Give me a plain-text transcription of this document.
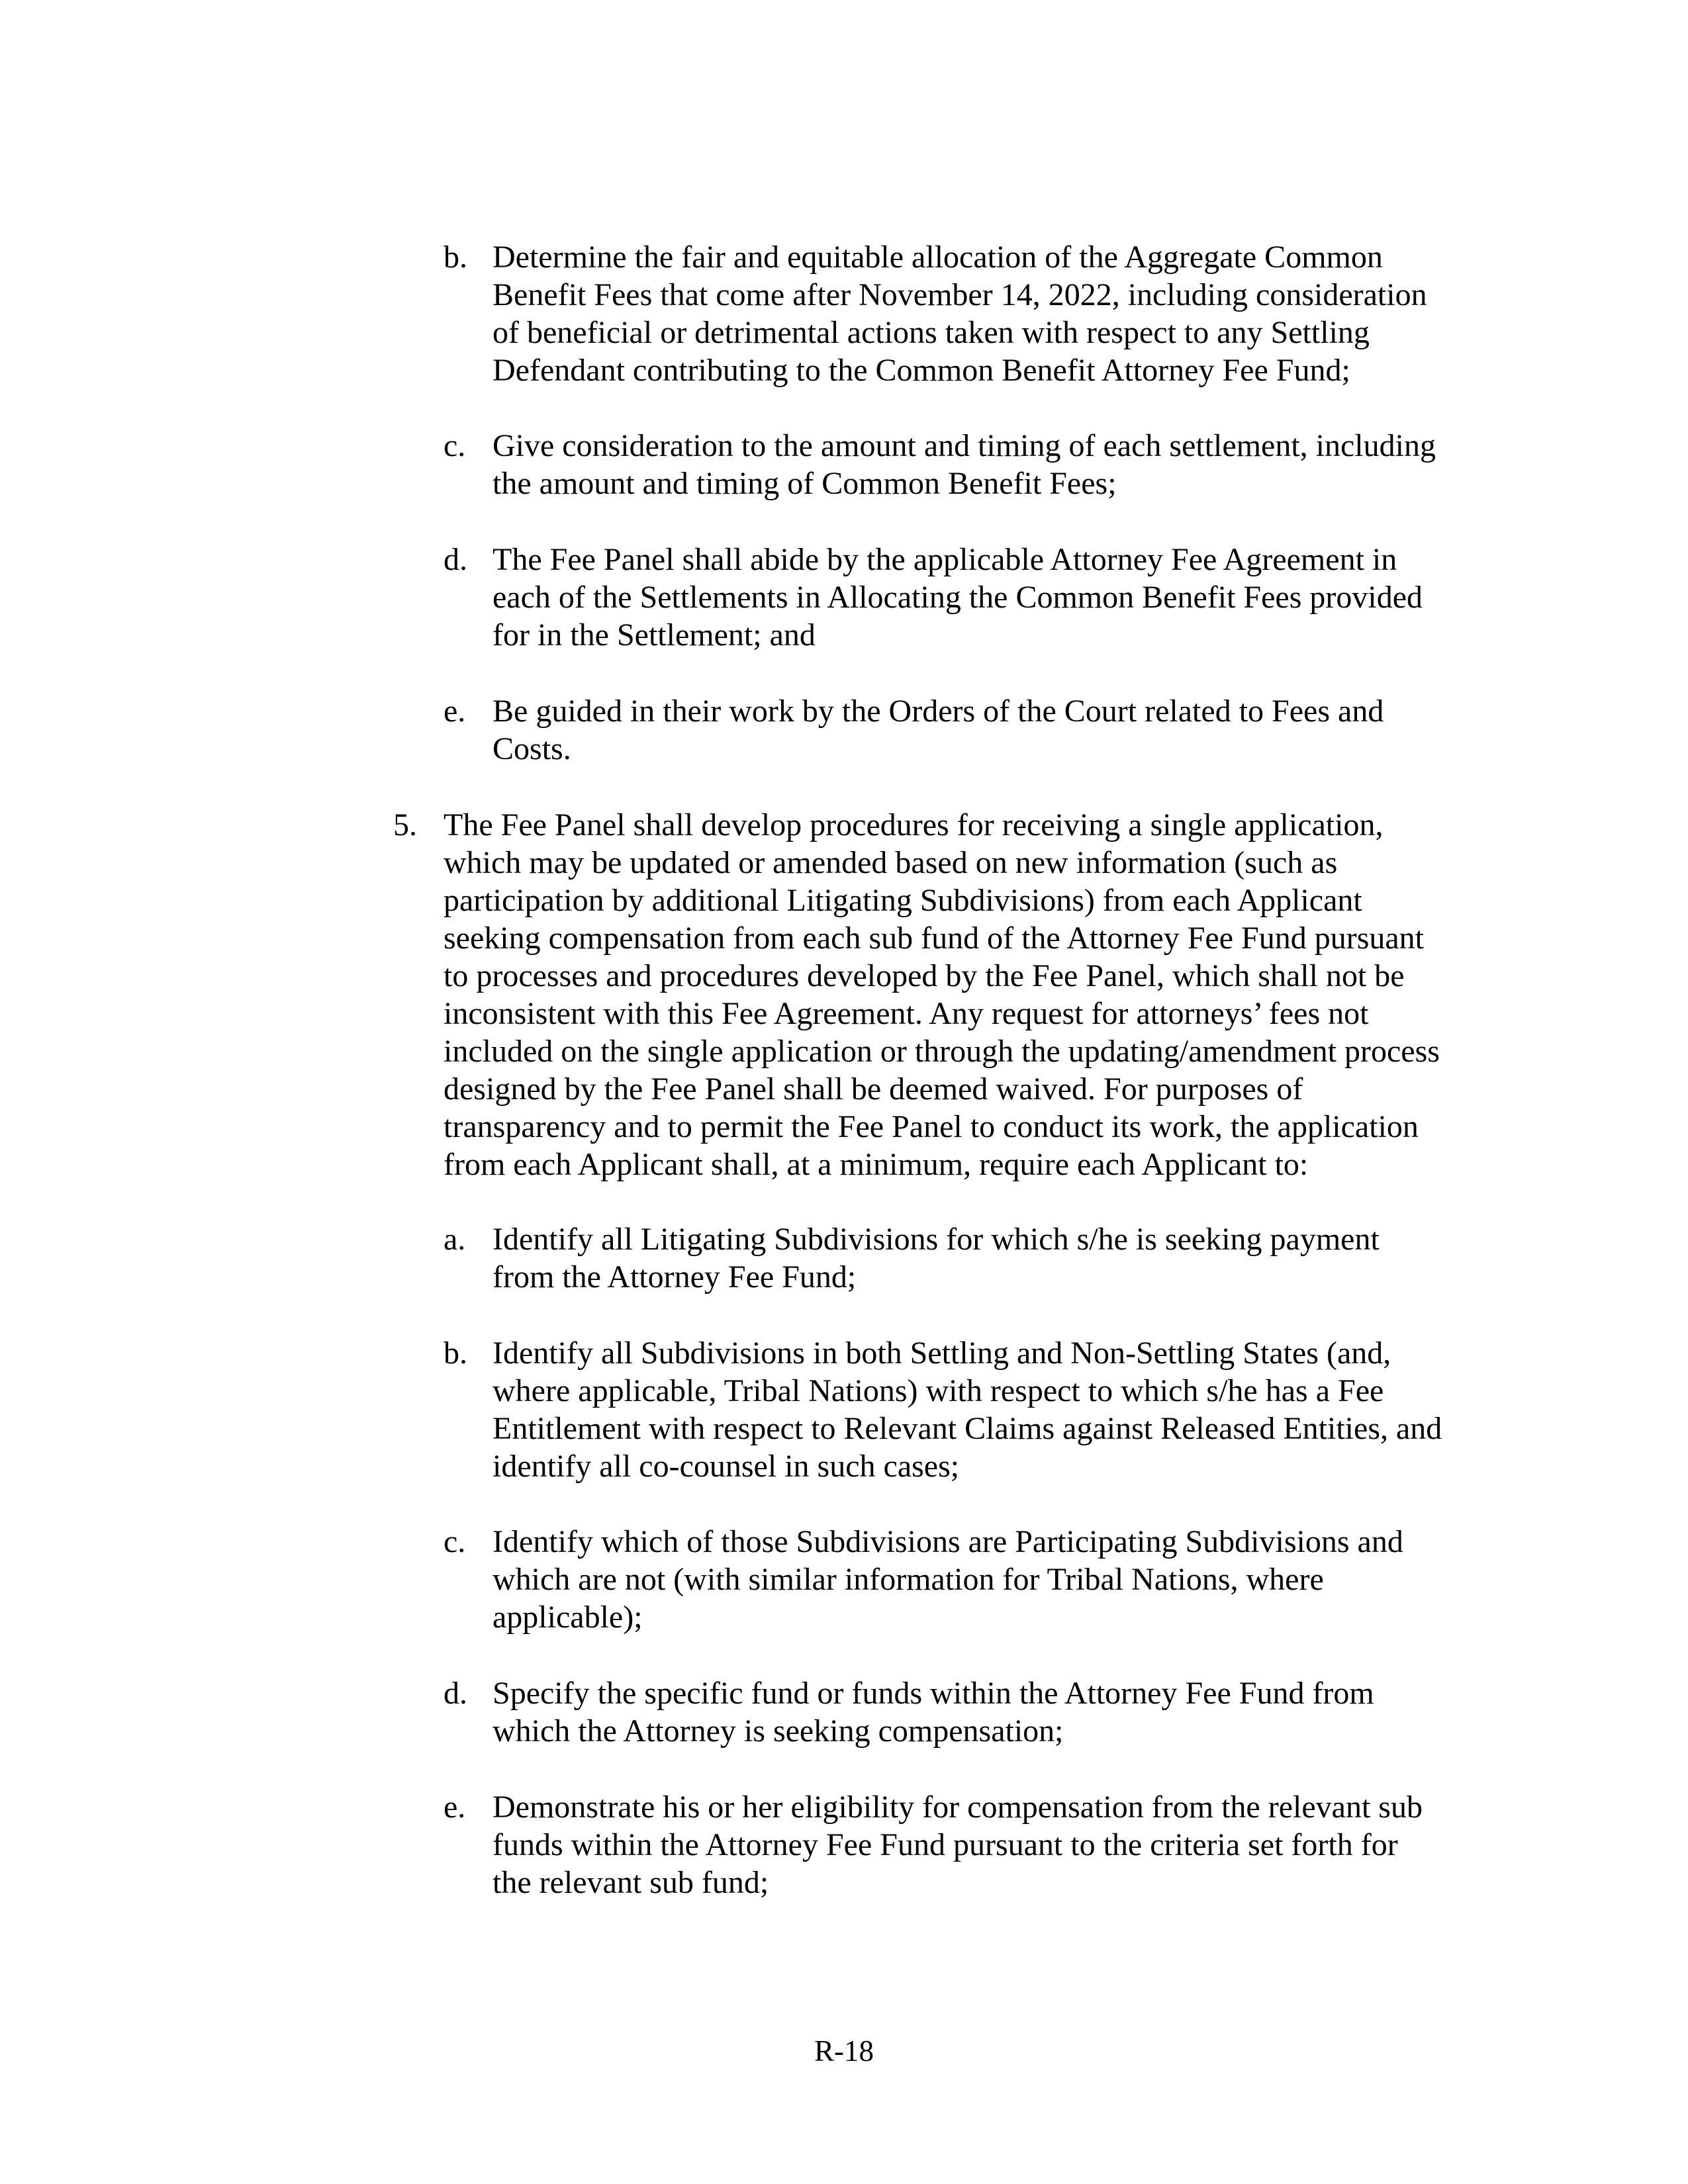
b. Determine the fair and equitable allocation of the Aggregate Common
Benefit Fees that come after November 14, 2022, including consideration
of beneficial or detrimental actions taken with respect to any Settling
Defendant contributing to the Common Benefit Attorney Fee Fund;
c. Give consideration to the amount and timing of each settlement, including
the amount and timing of Common Benefit Fees;
d. The Fee Panel shall abide by the applicable Attorney Fee Agreement in
each of the Settlements in Allocating the Common Benefit Fees provided
for in the Settlement; and
e. Be guided in their work by the Orders of the Court related to Fees and
Costs.
5. The Fee Panel shall develop procedures for receiving a single application,
which may be updated or amended based on new information (such as
participation by additional Litigating Subdivisions) from each Applicant
seeking compensation from each sub fund of the Attorney Fee Fund pursuant
to processes and procedures developed by the Fee Panel, which shall not be
inconsistent with this Fee Agreement. Any request for attorneys’ fees not
included on the single application or through the updating/amendment process
designed by the Fee Panel shall be deemed waived. For purposes of
transparency and to permit the Fee Panel to conduct its work, the application
from each Applicant shall, at a minimum, require each Applicant to:
a. Identify all Litigating Subdivisions for which s/he is seeking payment
from the Attorney Fee Fund;
b. Identify all Subdivisions in both Settling and Non-Settling States (and,
where applicable, Tribal Nations) with respect to which s/he has a Fee
Entitlement with respect to Relevant Claims against Released Entities, and
identify all co-counsel in such cases;
c. Identify which of those Subdivisions are Participating Subdivisions and
which are not (with similar information for Tribal Nations, where
applicable);
d. Specify the specific fund or funds within the Attorney Fee Fund from
which the Attorney is seeking compensation;
e. Demonstrate his or her eligibility for compensation from the relevant sub
funds within the Attorney Fee Fund pursuant to the criteria set forth for
the relevant sub fund;
R-18
